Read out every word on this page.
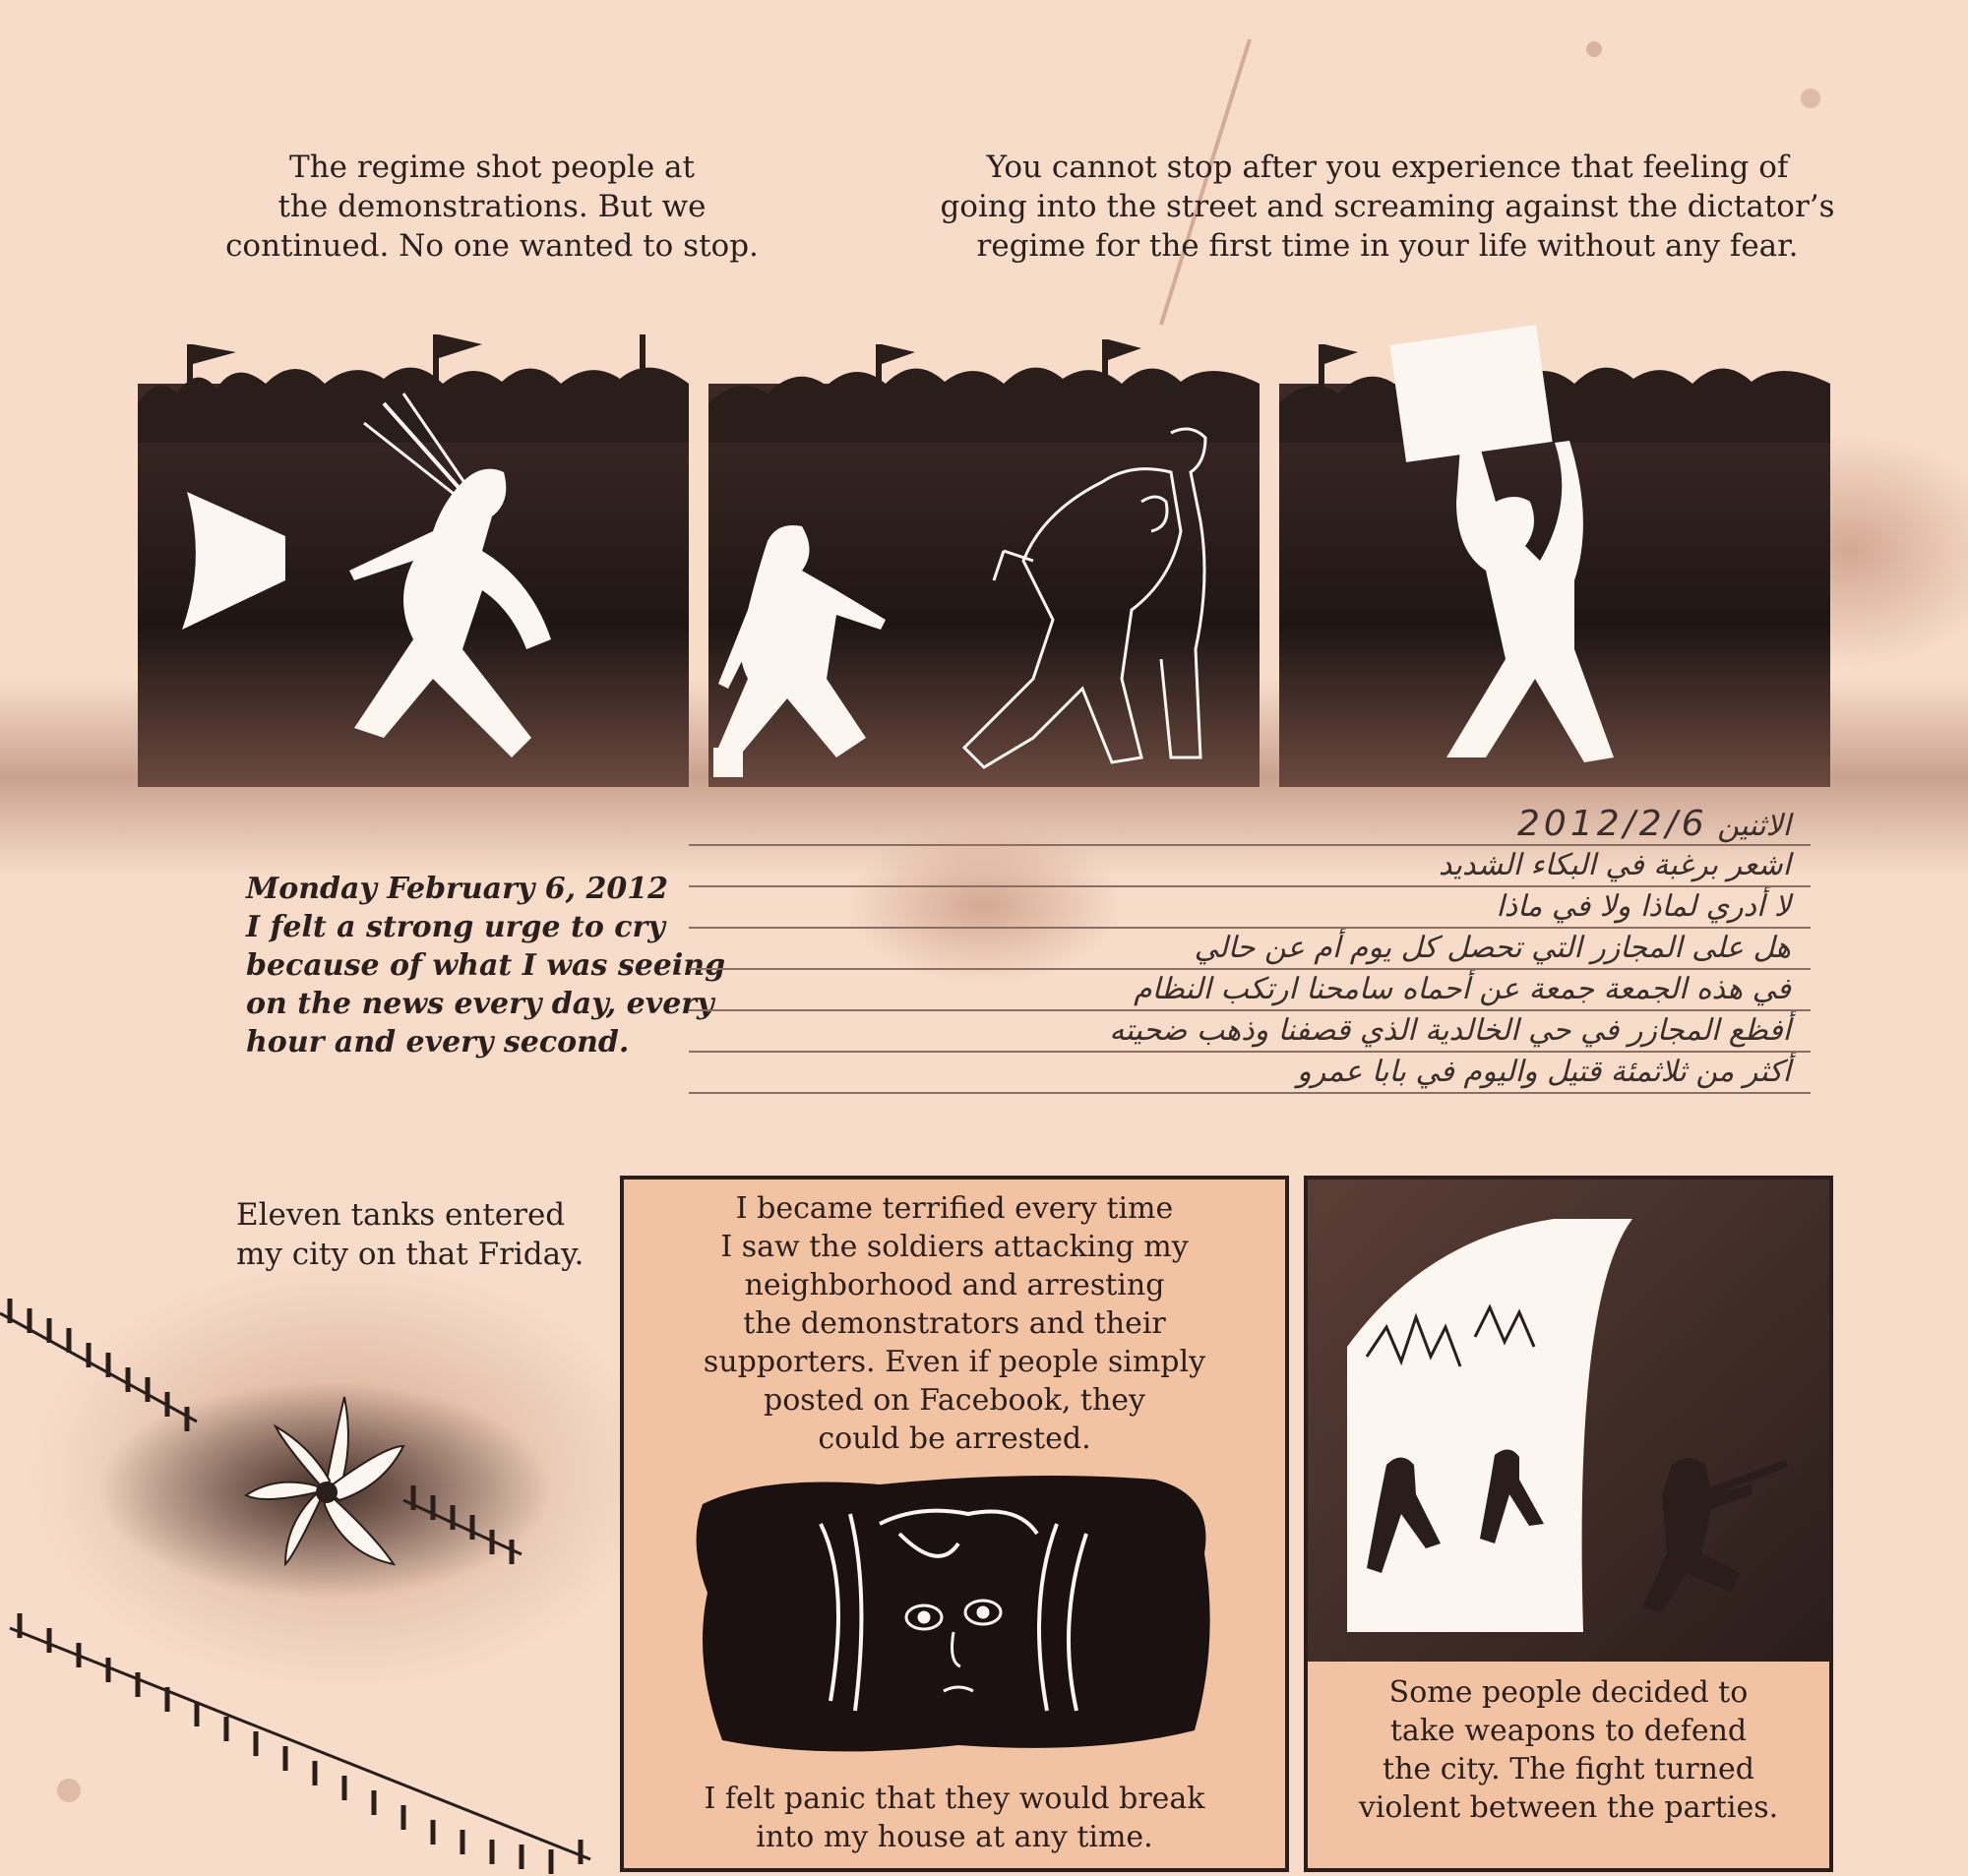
The regime shot people at
the demonstrations. But we
continued. No one wanted to stop.
You cannot stop after you experience that feeling of
going into the street and screaming against the dictator’s
regime for the first time in your life without any fear.
Monday February 6, 2012
I felt a strong urge to cry
because of what I was seeing
on the news every day, every
hour and every second.
الاثنين 2012/2/6
اشعر برغبة في البكاء الشديد
لا أدري لماذا ولا في ماذا
هل على المجازر التي تحصل كل يوم أم عن حالي
في هذه الجمعة جمعة عن أحماه سامحنا ارتكب النظام
أفظع المجازر في حي الخالدية الذي قصفنا وذهب ضحيته
أكثر من ثلاثمئة قتيل واليوم في بابا عمرو
Eleven tanks entered
my city on that Friday.
I became terrified every time
I saw the soldiers attacking my
neighborhood and arresting
the demonstrators and their
supporters. Even if people simply
posted on Facebook, they
could be arrested.
I felt panic that they would break
into my house at any time.
Some people decided to
take weapons to defend
the city. The fight turned
violent between the parties.
